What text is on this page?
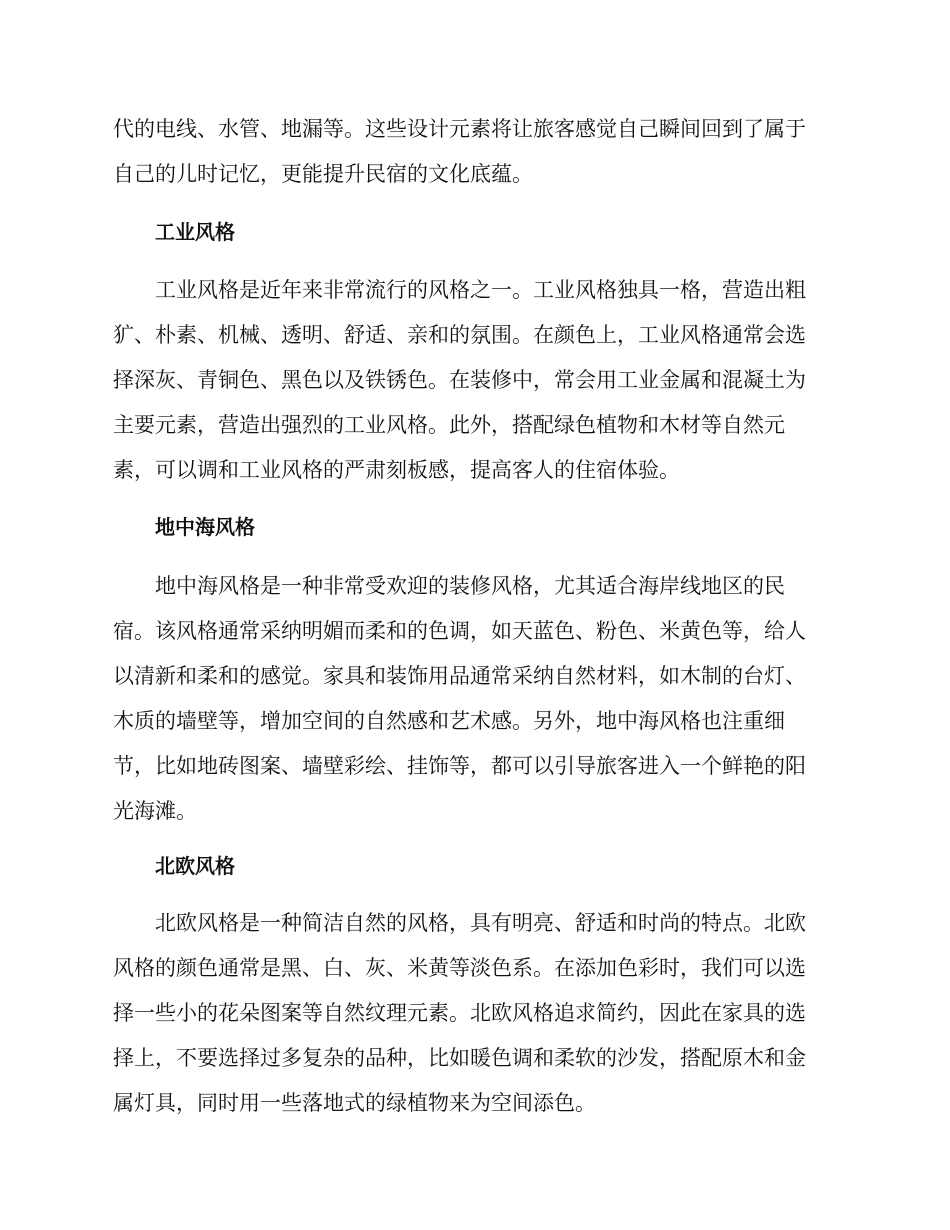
代的电线、水管、地漏等。这些设计元素将让旅客感觉自己瞬间回到了属于
自己的儿时记忆，更能提升民宿的文化底蕴。
工业风格
工业风格是近年来非常流行的风格之一。工业风格独具一格，营造出粗
犷、朴素、机械、透明、舒适、亲和的氛围。在颜色上，工业风格通常会选
择深灰、青铜色、黑色以及铁锈色。在装修中，常会用工业金属和混凝土为
主要元素，营造出强烈的工业风格。此外，搭配绿色植物和木材等自然元
素，可以调和工业风格的严肃刻板感，提高客人的住宿体验。
地中海风格
地中海风格是一种非常受欢迎的装修风格，尤其适合海岸线地区的民
宿。该风格通常采纳明媚而柔和的色调，如天蓝色、粉色、米黄色等，给人
以清新和柔和的感觉。家具和装饰用品通常采纳自然材料，如木制的台灯、
木质的墙壁等，增加空间的自然感和艺术感。另外，地中海风格也注重细
节，比如地砖图案、墙壁彩绘、挂饰等，都可以引导旅客进入一个鲜艳的阳
光海滩。
北欧风格
北欧风格是一种简洁自然的风格，具有明亮、舒适和时尚的特点。北欧
风格的颜色通常是黑、白、灰、米黄等淡色系。在添加色彩时，我们可以选
择一些小的花朵图案等自然纹理元素。北欧风格追求简约，因此在家具的选
择上，不要选择过多复杂的品种，比如暖色调和柔软的沙发，搭配原木和金
属灯具，同时用一些落地式的绿植物来为空间添色。
